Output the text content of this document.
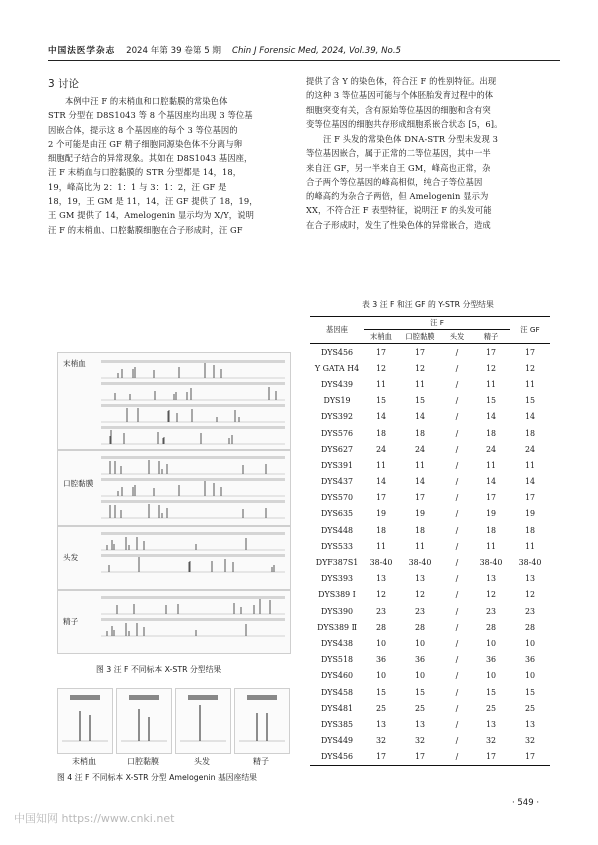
中国法医学杂志 2024 年第 39 卷第 5 期 Chin J Forensic Med, 2024, Vol.39, No.5
3 讨论
本例中汪 F 的末梢血和口腔黏膜的常染色体
STR 分型在 D8S1043 等 8 个基因座均出现 3 等位基
因嵌合体，提示这 8 个基因座的每个 3 等位基因的
2 个可能是由汪 GF 精子细胞同源染色体不分离与卵
细胞配子结合的异常现象。其如在 D8S1043 基因座，
汪 F 末梢血与口腔黏膜的 STR 分型都是 14，18，
19，峰高比为 2：1：1 与 3：1：2，汪 GF 是
18，19，王 GM 是 11，14，汪 GF 提供了 18，19，
王 GM 提供了 14，Amelogenin 显示均为 X/Y，说明
汪 F 的末梢血、口腔黏膜细胞在合子形成时，汪 GF
提供了含 Y 的染色体，符合汪 F 的性别特征。出现
的这种 3 等位基因可能与个体胚胎发育过程中的体
细胞突变有关，含有原始等位基因的细胞和含有突
变等位基因的细胞共存形成细胞系嵌合状态 [5，6]。
汪 F 头发的常染色体 DNA-STR 分型未发现 3
等位基因嵌合，属于正常的二等位基因，其中一半
来自汪 GF，另一半来自王 GM，峰高也正常，杂
合子两个等位基因的峰高相似，纯合子等位基因
的峰高约为杂合子两倍，但 Amelogenin 显示为
XX，不符合汪 F 表型特征，说明汪 F 的头发可能
在合子形成时，发生了性染色体的异常嵌合，造成
末梢血
口腔黏膜
头发
精子
图 3 汪 F 不同标本 X-STR 分型结果
末梢血	口腔黏膜	头发	精子
图 4 汪 F 不同标本 X-STR 分型 Amelogenin 基因座结果
表 3 汪 F 和汪 GF 的 Y-STR 分型结果
基因座	汪 F				汪 GF
	末梢血	口腔黏膜	头发	精子	
DYS456	17	17	/	17	17
Y GATA H4	12	12	/	12	12
DYS439	11	11	/	11	11
DYS19	15	15	/	15	15
DYS392	14	14	/	14	14
DYS576	18	18	/	18	18
DYS627	24	24	/	24	24
DYS391	11	11	/	11	11
DYS437	14	14	/	14	14
DYS570	17	17	/	17	17
DYS635	19	19	/	19	19
DYS448	18	18	/	18	18
DYS533	11	11	/	11	11
DYF387S1	38-40	38-40	/	38-40	38-40
DYS393	13	13	/	13	13
DYS389 Ⅰ	12	12	/	12	12
DYS390	23	23	/	23	23
DYS389 Ⅱ	28	28	/	28	28
DYS438	10	10	/	10	10
DYS518	36	36	/	36	36
DYS460	10	10	/	10	10
DYS458	15	15	/	15	15
DYS481	25	25	/	25	25
DYS385	13	13	/	13	13
DYS449	32	32	/	32	32
DYS456	17	17	/	17	17
· 549 ·
中国知网 https://www.cnki.net
